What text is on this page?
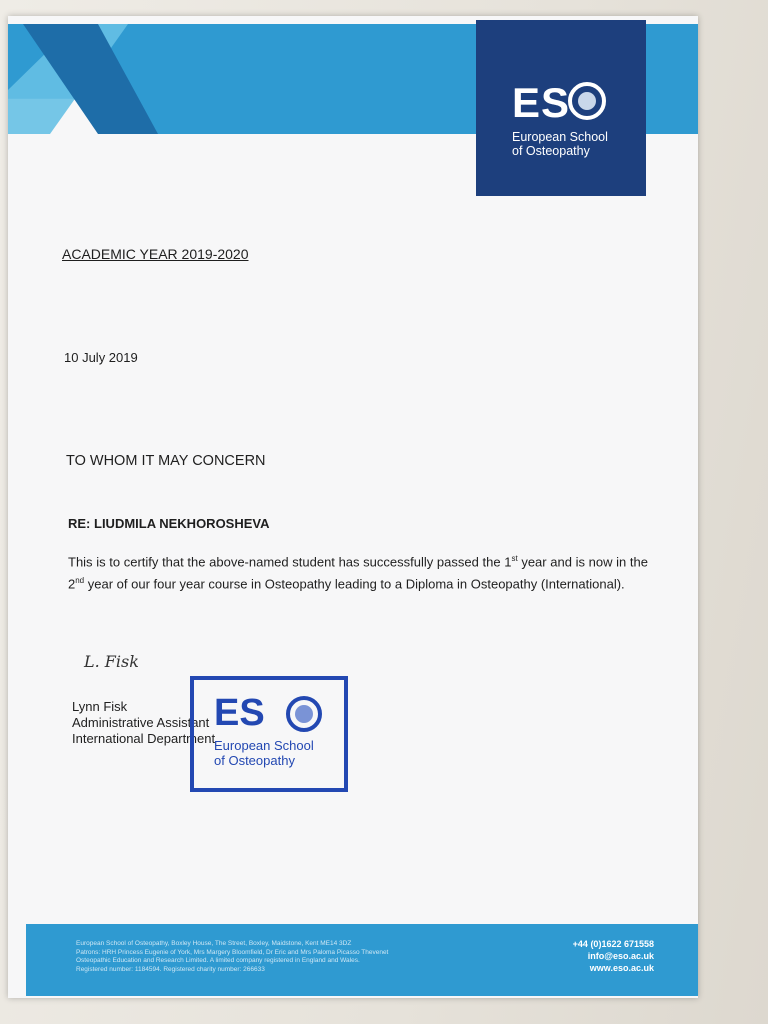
ES
European School
of Osteopathy
ACADEMIC YEAR 2019-2020
10 July 2019
TO WHOM IT MAY CONCERN
RE: LIUDMILA NEKHOROSHEVA
This is to certify that the above-named student has successfully passed the 1st year and is now in the 2nd year of our four year course in Osteopathy leading to a Diploma in Osteopathy (International).
L. Fisk
Lynn Fisk
Administrative Assistant
International Department
ES
European School
of Osteopathy
European School of Osteopathy, Boxley House, The Street, Boxley, Maidstone, Kent ME14 3DZ
Patrons: HRH Princess Eugenie of York, Mrs Margery Bloomfield, Dr Eric and Mrs Paloma Picasso Thevenet
Osteopathic Education and Research Limited. A limited company registered in England and Wales.
Registered number: 1184594. Registered charity number: 266633
+44 (0)1622 671558
info@eso.ac.uk
www.eso.ac.uk
